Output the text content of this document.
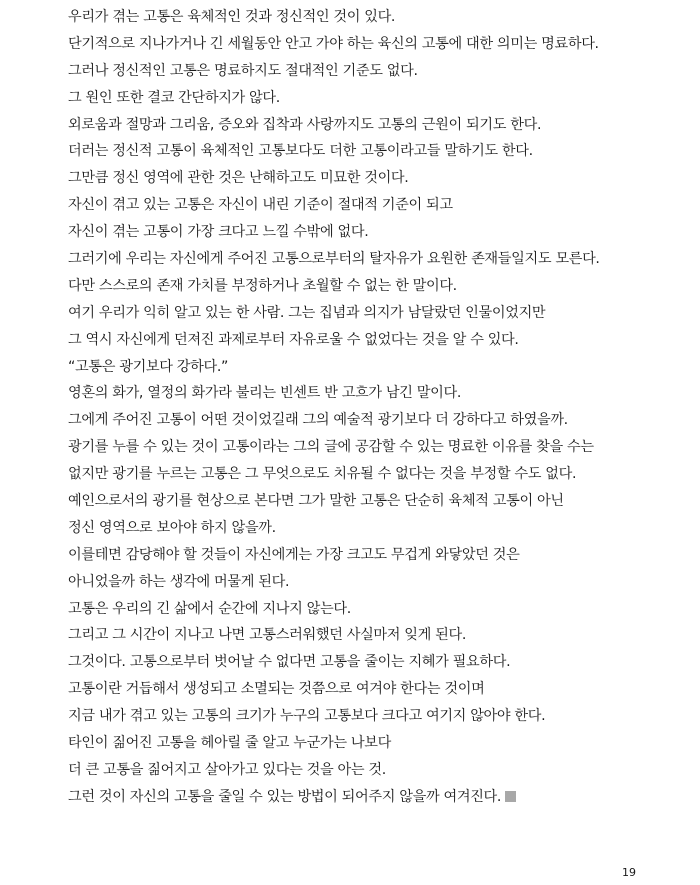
우리가 겪는 고통은 육체적인 것과 정신적인 것이 있다.
단기적으로 지나가거나 긴 세월동안 안고 가야 하는 육신의 고통에 대한 의미는 명료하다.
그러나 정신적인 고통은 명료하지도 절대적인 기준도 없다.
그 원인 또한 결코 간단하지가 않다.
외로움과 절망과 그리움, 증오와 집착과 사랑까지도 고통의 근원이 되기도 한다.
더러는 정신적 고통이 육체적인 고통보다도 더한 고통이라고들 말하기도 한다.
그만큼 정신 영역에 관한 것은 난해하고도 미묘한 것이다.
자신이 겪고 있는 고통은 자신이 내린 기준이 절대적 기준이 되고
자신이 겪는 고통이 가장 크다고 느낄 수밖에 없다.
그러기에 우리는 자신에게 주어진 고통으로부터의 탈자유가 요원한 존재들일지도 모른다.
다만 스스로의 존재 가치를 부정하거나 초월할 수 없는 한 말이다.
여기 우리가 익히 알고 있는 한 사람. 그는 집념과 의지가 남달랐던 인물이었지만
그 역시 자신에게 던져진 과제로부터 자유로울 수 없었다는 것을 알 수 있다.
“고통은 광기보다 강하다.”
영혼의 화가, 열정의 화가라 불리는 빈센트 반 고흐가 남긴 말이다.
그에게 주어진 고통이 어떤 것이었길래 그의 예술적 광기보다 더 강하다고 하였을까.
광기를 누를 수 있는 것이 고통이라는 그의 글에 공감할 수 있는 명료한 이유를 찾을 수는
없지만 광기를 누르는 고통은 그 무엇으로도 치유될 수 없다는 것을 부정할 수도 없다.
예인으로서의 광기를 현상으로 본다면 그가 말한 고통은 단순히 육체적 고통이 아닌
정신 영역으로 보아야 하지 않을까.
이를테면 감당해야 할 것들이 자신에게는 가장 크고도 무겁게 와닿았던 것은
아니었을까 하는 생각에 머물게 된다.
고통은 우리의 긴 삶에서 순간에 지나지 않는다.
그리고 그 시간이 지나고 나면 고통스러워했던 사실마저 잊게 된다.
그것이다. 고통으로부터 벗어날 수 없다면 고통을 줄이는 지혜가 필요하다.
고통이란 거듭해서 생성되고 소멸되는 것쯤으로 여겨야 한다는 것이며
지금 내가 겪고 있는 고통의 크기가 누구의 고통보다 크다고 여기지 않아야 한다.
타인이 짊어진 고통을 헤아릴 줄 알고 누군가는 나보다
더 큰 고통을 짊어지고 살아가고 있다는 것을 아는 것.
그런 것이 자신의 고통을 줄일 수 있는 방법이 되어주지 않을까 여겨진다.
19
